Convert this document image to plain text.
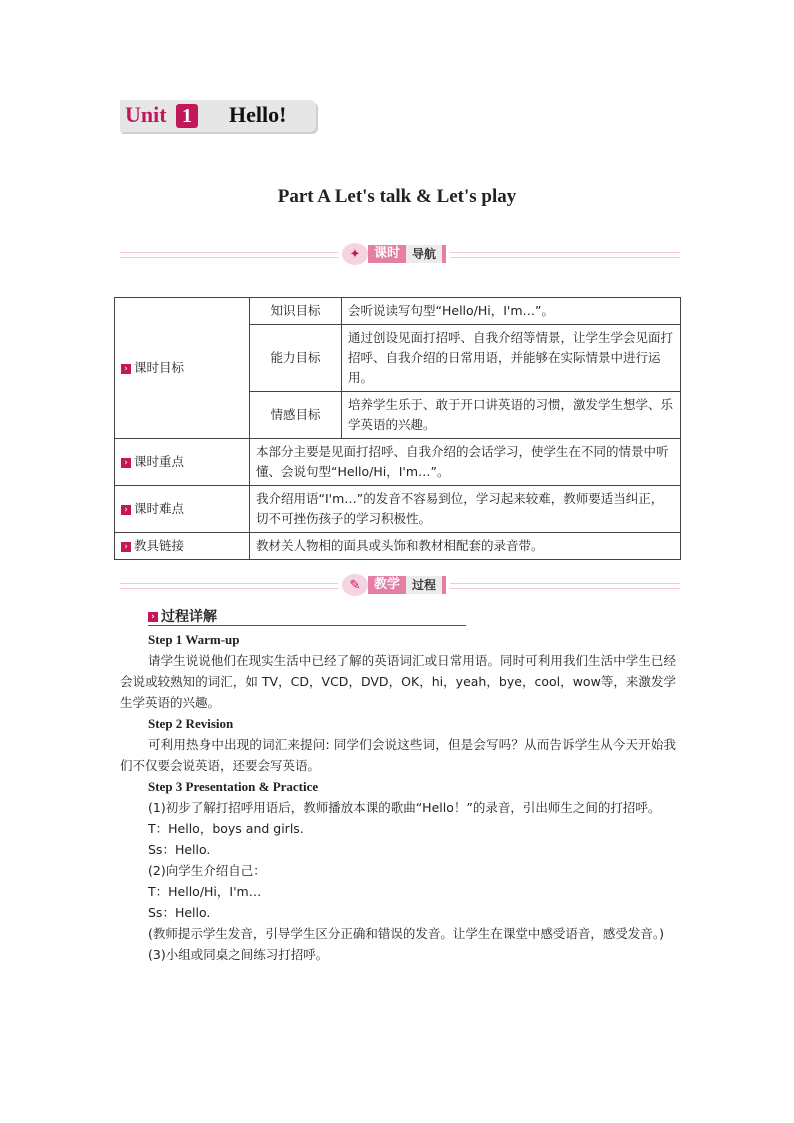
Unit 1 Hello!
Part A Let's talk & Let's play
✦	课时	导航
› 课时目标	知识目标	会听说读写句型“Hello/Hi，I'm…”。
	能力目标	通过创设见面打招呼、自我介绍等情景，让学生学会见面打招呼、自我介绍的日常用语，并能够在实际情景中进行运用。
	情感目标	培养学生乐于、敢于开口讲英语的习惯，激发学生想学、乐学英语的兴趣。
› 课时重点	本部分主要是见面打招呼、自我介绍的会话学习，使学生在不同的情景中听懂、会说句型“Hello/Hi，I'm…”。	
› 课时难点	我介绍用语“I'm…”的发音不容易到位，学习起来较难，教师要适当纠正，切不可挫伤孩子的学习积极性。	
› 教具链接	教材关人物相的面具或头饰和教材相配套的录音带。	
✎	教学	过程
› 过程详解
Step 1 Warm-up
请学生说说他们在现实生活中已经了解的英语词汇或日常用语。同时可利用我们生活中学生已经会说或较熟知的词汇，如 TV，CD，VCD，DVD，OK，hi，yeah，bye，cool，wow等，来激发学生学英语的兴趣。
Step 2 Revision
可利用热身中出现的词汇来提问: 同学们会说这些词，但是会写吗？从而告诉学生从今天开始我们不仅要会说英语，还要会写英语。
Step 3 Presentation & Practice
(1)初步了解打招呼用语后，教师播放本课的歌曲“Hello！”的录音，引出师生之间的打招呼。
T：Hello，boys and girls.
Ss：Hello.
(2)向学生介绍自己：
T：Hello/Hi，I'm…
Ss：Hello.
(教师提示学生发音，引导学生区分正确和错误的发音。让学生在课堂中感受语音，感受发音。)
(3)小组或同桌之间练习打招呼。
